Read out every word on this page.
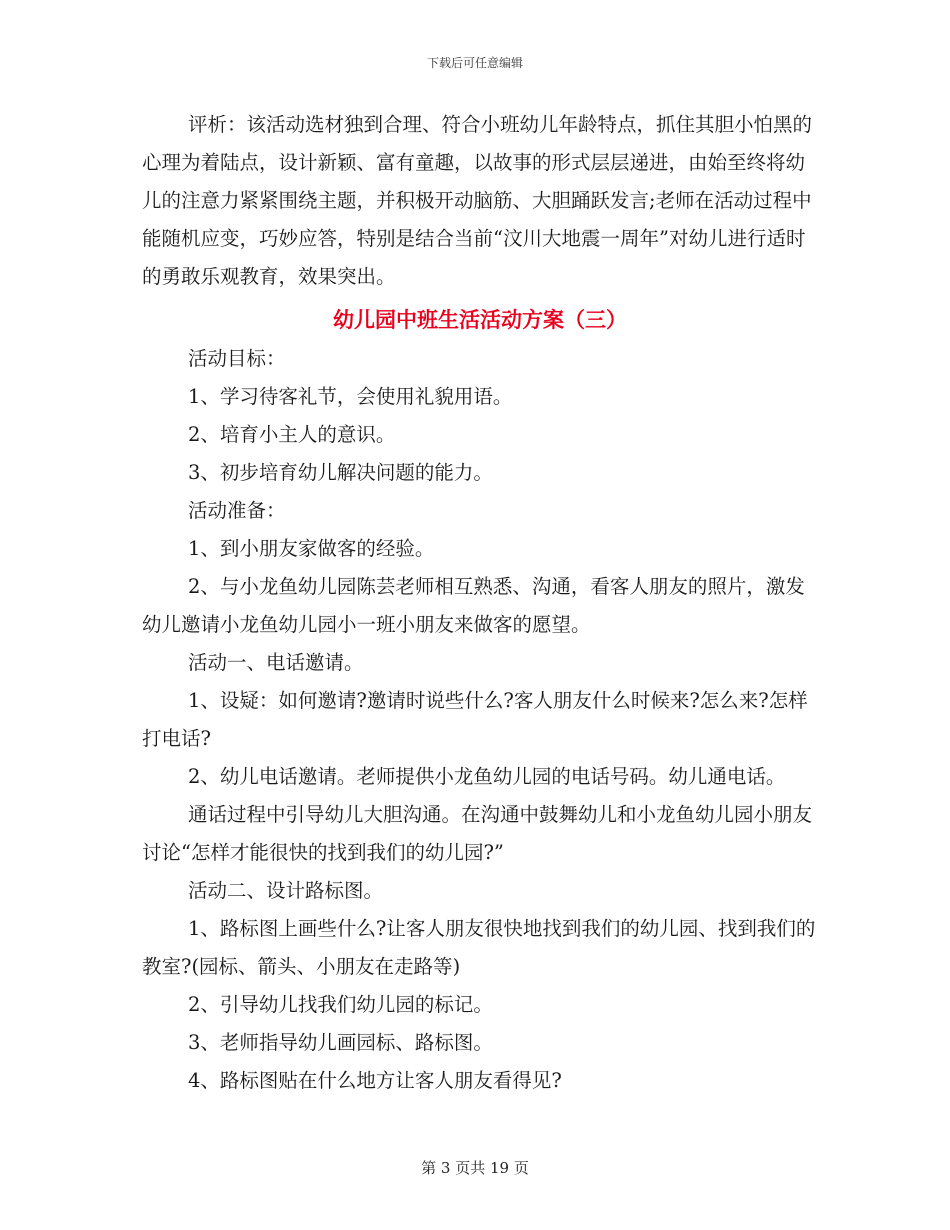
下载后可任意编辑

评析：该活动选材独到合理、符合小班幼儿年龄特点，抓住其胆小怕黑的心理为着陆点，设计新颖、富有童趣，以故事的形式层层递进，由始至终将幼儿的注意力紧紧围绕主题，并积极开动脑筋、大胆踊跃发言;老师在活动过程中能随机应变，巧妙应答，特别是结合当前“汶川大地震一周年”对幼儿进行适时的勇敢乐观教育，效果突出。

幼儿园中班生活活动方案（三）

活动目标：

1、学习待客礼节，会使用礼貌用语。

2、培育小主人的意识。

3、初步培育幼儿解决问题的能力。

活动准备：

1、到小朋友家做客的经验。

2、与小龙鱼幼儿园陈芸老师相互熟悉、沟通，看客人朋友的照片，激发幼儿邀请小龙鱼幼儿园小一班小朋友来做客的愿望。

活动一、电话邀请。

1、设疑：如何邀请?邀请时说些什么?客人朋友什么时候来?怎么来?怎样打电话?

2、幼儿电话邀请。老师提供小龙鱼幼儿园的电话号码。幼儿通电话。

通话过程中引导幼儿大胆沟通。在沟通中鼓舞幼儿和小龙鱼幼儿园小朋友讨论“怎样才能很快的找到我们的幼儿园?”

活动二、设计路标图。

1、路标图上画些什么?让客人朋友很快地找到我们的幼儿园、找到我们的教室?(园标、箭头、小朋友在走路等)

2、引导幼儿找我们幼儿园的标记。

3、老师指导幼儿画园标、路标图。

4、路标图贴在什么地方让客人朋友看得见?

第 3 页共 19 页
